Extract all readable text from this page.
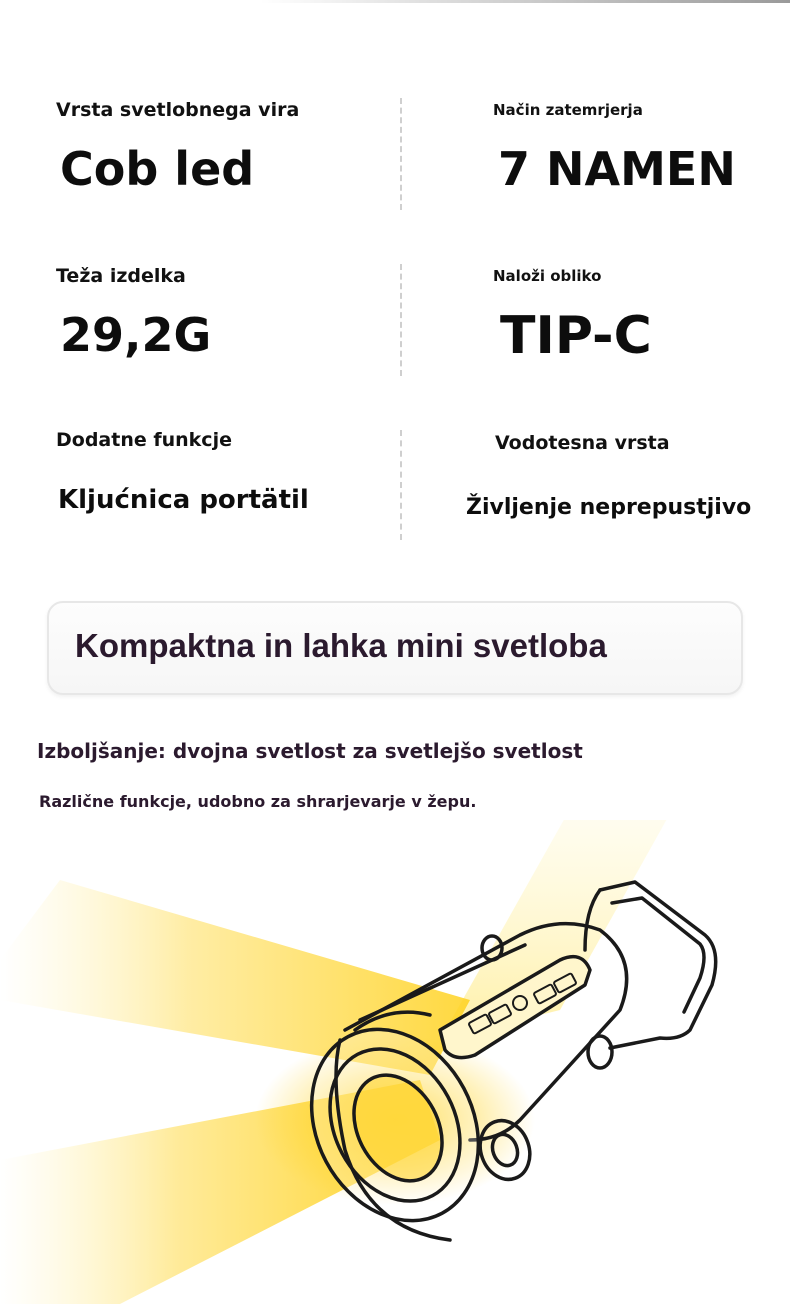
Vrsta svetlobnega vira
Cob led
Način zatemrjerja
7 NAMEN
Teža izdelka
29,2G
Naloži obliko
TIP-C
Dodatne funkcje
Kljućnica portätil
Vodotesna vrsta
Življenje neprepustjivo
Kompaktna in lahka mini svetloba
Izboljšanje: dvojna svetlost za svetlejšo svetlost
Različne funkcje, udobno za shrarjevarje v žepu.
